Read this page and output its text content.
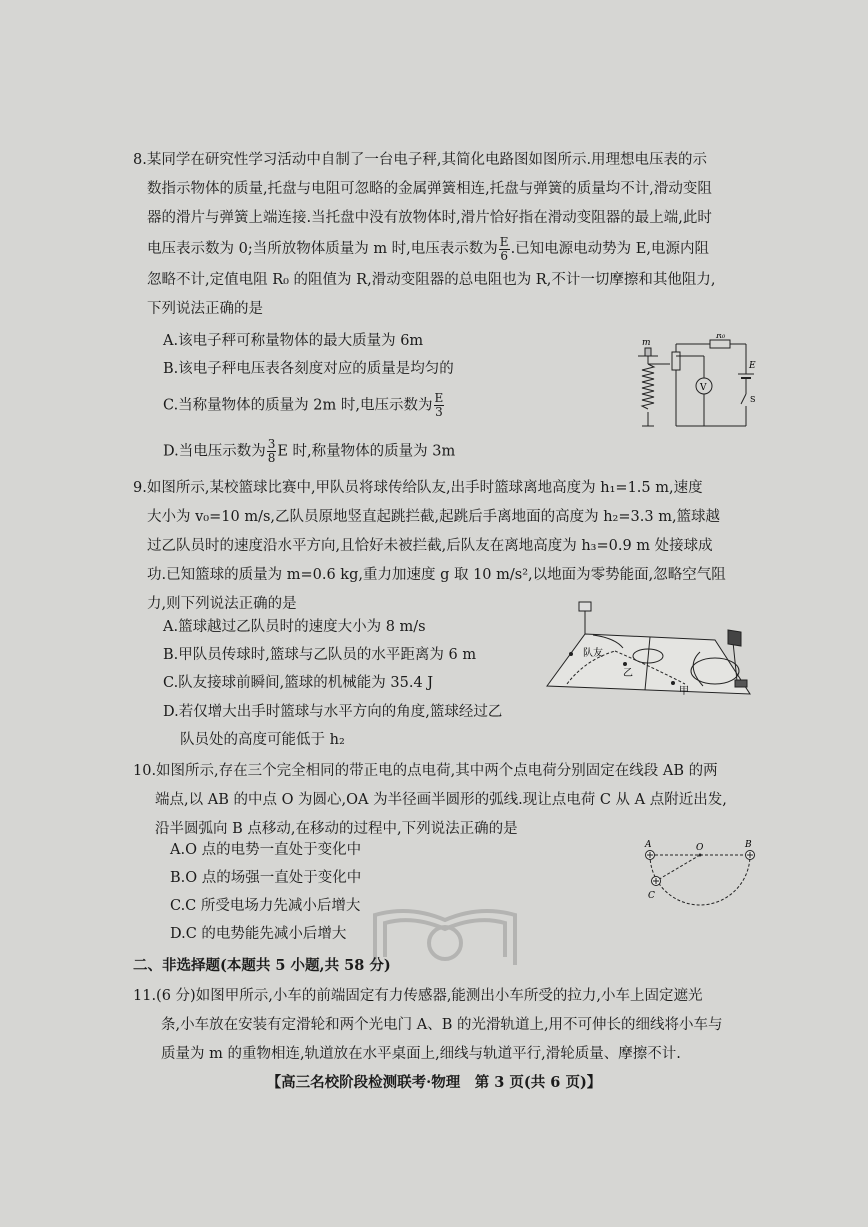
8.某同学在研究性学习活动中自制了一台电子秤,其简化电路图如图所示.用理想电压表的示

数指示物体的质量,托盘与电阻可忽略的金属弹簧相连,托盘与弹簧的质量均不计,滑动变阻

器的滑片与弹簧上端连接.当托盘中没有放物体时,滑片恰好指在滑动变阻器的最上端,此时

电压表示数为 0;当所放物体质量为 m 时,电压表示数为 $\frac{E}{6}$ .已知电源电动势为 E,电源内阻

忽略不计,定值电阻 R₀ 的阻值为 R,滑动变阻器的总电阻也为 R,不计一切摩擦和其他阻力,

下列说法正确的是

A.该电子秤可称量物体的最大质量为 6m
B.该电子秤电压表各刻度对应的质量是均匀的
C.当称量物体的质量为 2m 时,电压示数为 $\frac{E}{3}$
D.当电压示数为 $\frac{3}{8}$ E 时,称量物体的质量为 3m
m
R₀
E
S
V

9.如图所示,某校篮球比赛中,甲队员将球传给队友,出手时篮球离地高度为 h₁=1.5 m,速度

大小为 v₀=10 m/s,乙队员原地竖直起跳拦截,起跳后手离地面的高度为 h₂=3.3 m,篮球越

过乙队员时的速度沿水平方向,且恰好未被拦截,后队友在离地高度为 h₃=0.9 m 处接球成

功.已知篮球的质量为 m=0.6 kg,重力加速度 g 取 10 m/s²,以地面为零势能面,忽略空气阻

力,则下列说法正确的是

A.篮球越过乙队员时的速度大小为 8 m/s
B.甲队员传球时,篮球与乙队员的水平距离为 6 m
C.队友接球前瞬间,篮球的机械能为 35.4 J
D.若仅增大出手时篮球与水平方向的角度,篮球经过乙
队员处的高度可能低于 h₂
队友
乙
甲

10.如图所示,存在三个完全相同的带正电的点电荷,其中两个点电荷分别固定在线段 AB 的两

端点,以 AB 的中点 O 为圆心,OA 为半径画半圆形的弧线.现让点电荷 C 从 A 点附近出发,

沿半圆弧向 B 点移动,在移动的过程中,下列说法正确的是

A.O 点的电势一直处于变化中
B.O 点的场强一直处于变化中
C.C 所受电场力先减小后增大
D.C 的电势能先减小后增大
A	O	B
C
二、非选择题(本题共 5 小题,共 58 分)

11.(6 分)如图甲所示,小车的前端固定有力传感器,能测出小车所受的拉力,小车上固定遮光

条,小车放在安装有定滑轮和两个光电门 A、B 的光滑轨道上,用不可伸长的细线将小车与

质量为 m 的重物相连,轨道放在水平桌面上,细线与轨道平行,滑轮质量、摩擦不计.

【高三名校阶段检测联考·物理　第 3 页(共 6 页)】
